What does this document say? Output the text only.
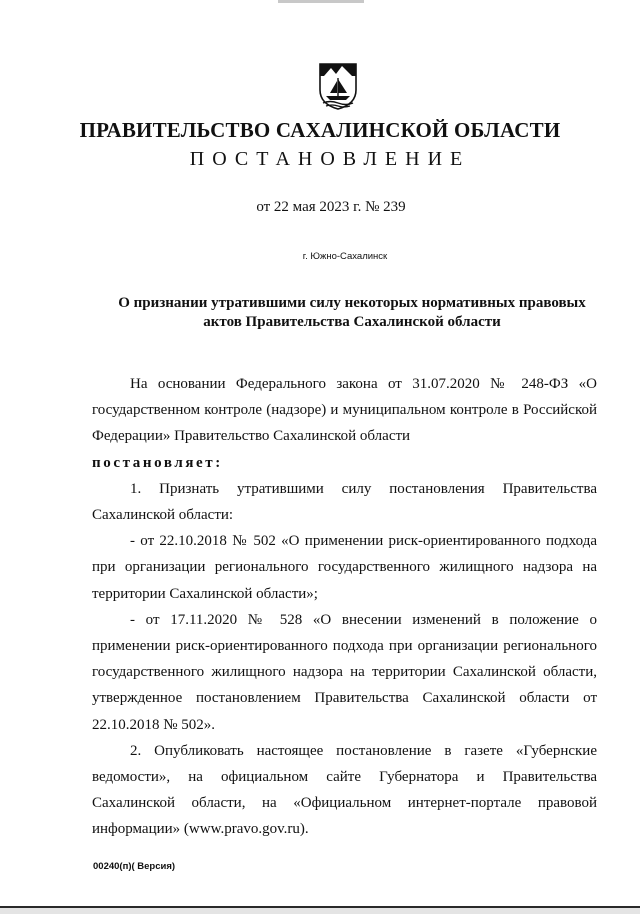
ПРАВИТЕЛЬСТВО САХАЛИНСКОЙ ОБЛАСТИ
ПОСТАНОВЛЕНИЕ
от 22 мая 2023 г. № 239
г. Южно-Сахалинск
О признании утратившими силу некоторых нормативных правовых
актов Правительства Сахалинской области

На основании Федерального закона от 31.07.2020 № 248-ФЗ «О государственном контроле (надзоре) и муниципальном контроле в Российской Федерации» Правительство Сахалинской области

постановляет:

1. Признать утратившими силу постановления Правительства Сахалинской области:

- от 22.10.2018 № 502 «О применении риск-ориентированного подхода при организации регионального государственного жилищного надзора на территории Сахалинской области»;

- от 17.11.2020 № 528 «О внесении изменений в положение о применении риск-ориентированного подхода при организации регионального государственного жилищного надзора на территории Сахалинской области, утвержденное постановлением Правительства Сахалинской области от 22.10.2018 № 502».

2. Опубликовать настоящее постановление в газете «Губернские ведомости», на официальном сайте Губернатора и Правительства Сахалинской области, на «Официальном интернет-портале правовой информации» (www.pravo.gov.ru).

00240(п)( Версия)
